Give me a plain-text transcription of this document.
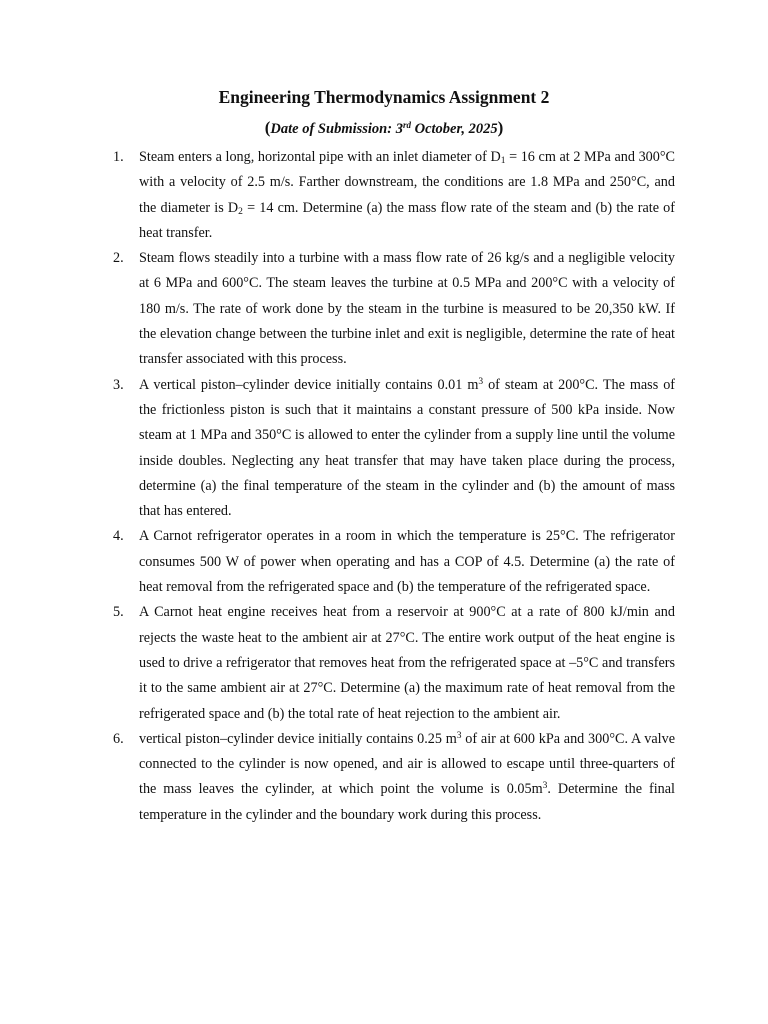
Engineering Thermodynamics Assignment 2
(Date of Submission: 3rd October, 2025)
1. Steam enters a long, horizontal pipe with an inlet diameter of $D_1 = 16$ cm at 2 MPa and 300°C with a velocity of 2.5 m/s. Farther downstream, the conditions are 1.8 MPa and 250°C, and the diameter is $D_2 = 14$ cm. Determine (a) the mass flow rate of the steam and (b) the rate of heat transfer.
2. Steam flows steadily into a turbine with a mass flow rate of 26 kg/s and a negligible velocity at 6 MPa and 600°C. The steam leaves the turbine at 0.5 MPa and 200°C with a velocity of 180 m/s. The rate of work done by the steam in the turbine is measured to be 20,350 kW. If the elevation change between the turbine inlet and exit is negligible, determine the rate of heat transfer associated with this process.
3. A vertical piston–cylinder device initially contains 0.01 $m^3$ of steam at 200°C. The mass of the frictionless piston is such that it maintains a constant pressure of 500 kPa inside. Now steam at 1 MPa and 350°C is allowed to enter the cylinder from a supply line until the volume inside doubles. Neglecting any heat transfer that may have taken place during the process, determine (a) the final temperature of the steam in the cylinder and (b) the amount of mass that has entered.
4. A Carnot refrigerator operates in a room in which the temperature is 25°C. The refrigerator consumes 500 W of power when operating and has a COP of 4.5. Determine (a) the rate of heat removal from the refrigerated space and (b) the temperature of the refrigerated space.
5. A Carnot heat engine receives heat from a reservoir at 900°C at a rate of 800 kJ/min and rejects the waste heat to the ambient air at 27°C. The entire work output of the heat engine is used to drive a refrigerator that removes heat from the refrigerated space at –5°C and transfers it to the same ambient air at 27°C. Determine (a) the maximum rate of heat removal from the refrigerated space and (b) the total rate of heat rejection to the ambient air.
6. vertical piston–cylinder device initially contains 0.25 $m^3$ of air at 600 kPa and 300°C. A valve connected to the cylinder is now opened, and air is allowed to escape until three-quarters of the mass leaves the cylinder, at which point the volume is $0.05m^3$. Determine the final temperature in the cylinder and the boundary work during this process.
